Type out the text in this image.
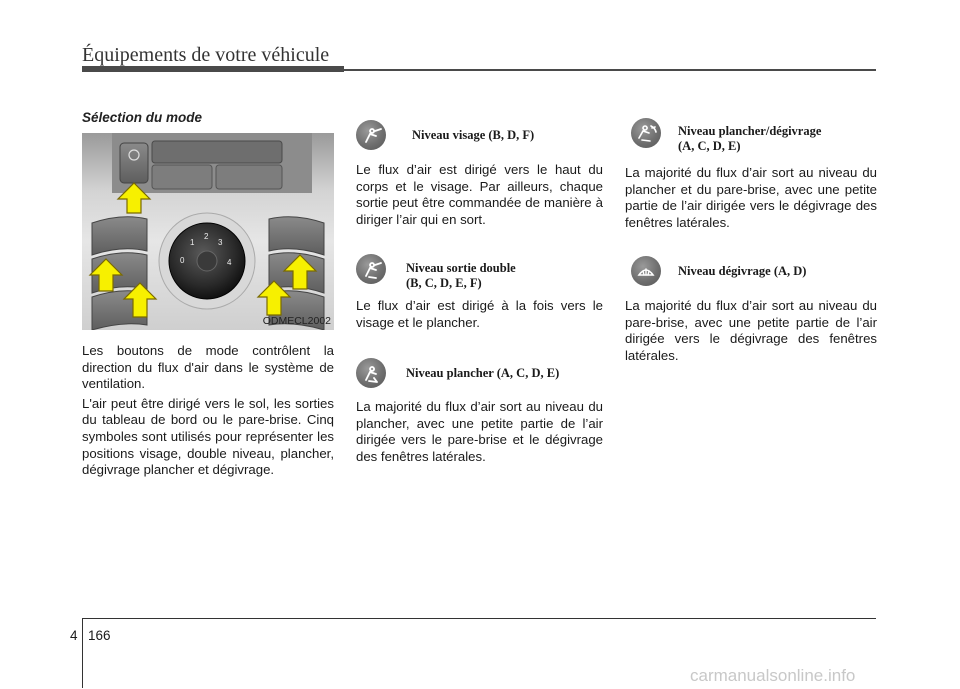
Équipements de votre véhicule
Sélection du mode
1
2
3
0	4
ODMECL2002

Les boutons de mode contrôlent la direction du flux d'air dans le système de ventilation.

L'air peut être dirigé vers le sol, les sorties du tableau de bord ou le pare-brise. Cinq symboles sont utilisés pour représenter les positions visage, double niveau, plancher, dégivrage plancher et dégivrage.

Niveau visage (B, D, F)
Le flux d’air est dirigé vers le haut du corps et le visage. Par ailleurs, chaque sortie peut être commandée de manière à diriger l’air qui en sort.
Niveau sortie double
(B, C, D, E, F)
Le flux d’air est dirigé à la fois vers le visage et le plancher.
Niveau plancher (A, C, D, E)
La majorité du flux d’air sort au niveau du plancher, avec une petite partie de l’air dirigée vers le pare-brise et le dégivrage des fenêtres latérales.
Niveau plancher/dégivrage
(A, C, D, E)
La majorité du flux d’air sort au niveau du plancher et du pare-brise, avec une petite partie de l’air dirigée vers le dégivrage des fenêtres latérales.
Niveau dégivrage (A, D)
La majorité du flux d’air sort au niveau du pare-brise, avec une petite partie de l’air dirigée vers le dégivrage des fenêtres latérales.
4 166
carmanualsonline.info
